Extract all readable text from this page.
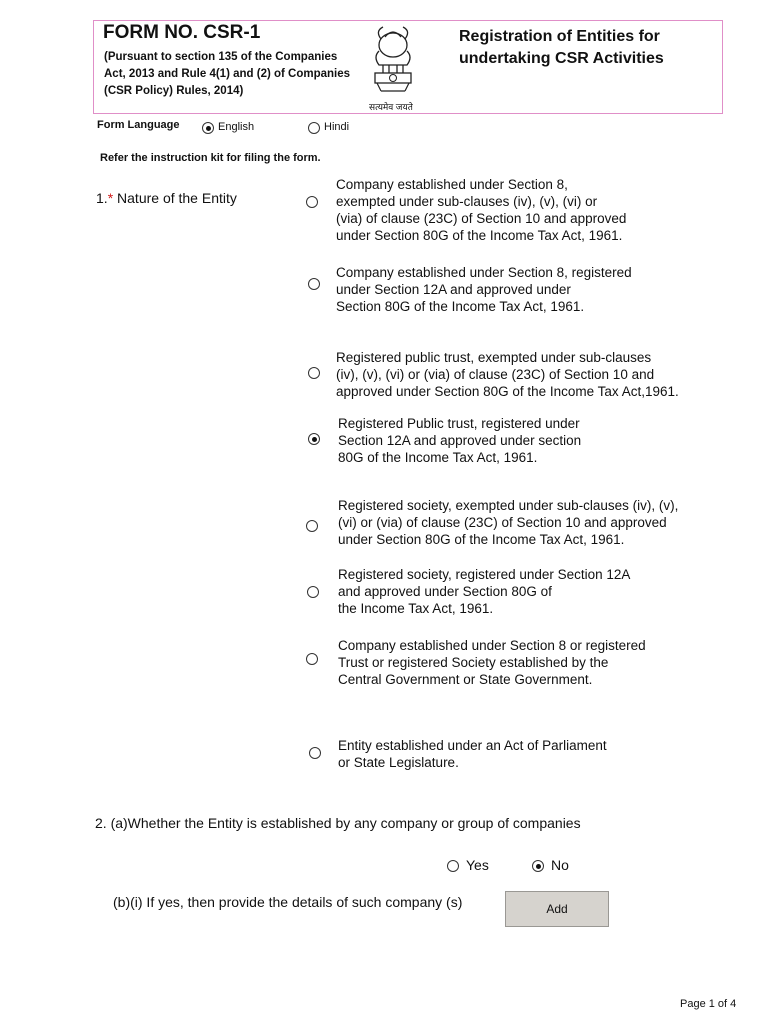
FORM NO. CSR-1
(Pursuant to section 135 of the Companies Act, 2013 and Rule 4(1) and (2) of Companies (CSR Policy) Rules, 2014)
सत्यमेव जयते
Registration of Entities for
undertaking CSR Activities
Form Language	English	Hindi
Refer the instruction kit for filing the form.
1.* Nature of the Entity
Company established under Section 8,
exempted under sub-clauses (iv), (v), (vi) or
(via) of clause (23C) of Section 10 and approved
under Section 80G of the Income Tax Act, 1961.
Company established under Section 8, registered
under Section 12A and approved under
Section 80G of the Income Tax Act, 1961.
Registered public trust, exempted under sub-clauses
(iv), (v), (vi) or (via) of clause (23C) of Section 10 and
approved under Section 80G of the Income Tax Act,1961.
Registered Public trust, registered under
Section 12A and approved under section
80G of the Income Tax Act, 1961.
Registered society, exempted under sub-clauses (iv), (v),
(vi) or (via) of clause (23C) of Section 10 and approved
under Section 80G of the Income Tax Act, 1961.
Registered society, registered under Section 12A
and approved under Section 80G of
the Income Tax Act, 1961.
Company established under Section 8 or registered
Trust or registered Society established by the
Central Government or State Government.
Entity established under an Act of Parliament
or State Legislature.
2. (a)Whether the Entity is established by any company or group of companies
Yes	No
(b)(i) If yes, then provide the details of such company (s)	Add
Page 1 of 4
